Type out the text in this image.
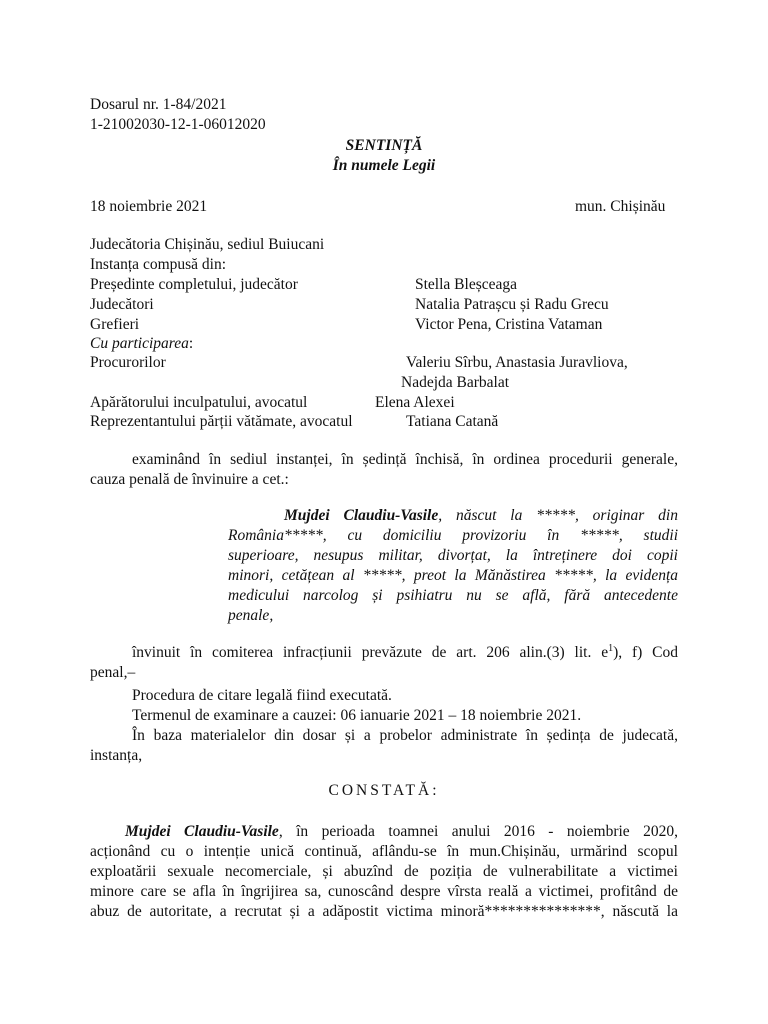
Dosarul nr. 1-84/2021
1-21002030-12-1-06012020
SENTINȚĂ
În numele Legii
18 noiembrie 2021	mun. Chișinău
Judecătoria Chișinău, sediul Buiucani
Instanța compusă din:
Președinte completului, judecător	Stella Bleșceaga
Judecători	Natalia Patrașcu și Radu Grecu
Grefieri	Victor Pena, Cristina Vataman
Cu participarea:
Procurorilor	Valeriu Sîrbu, Anastasia Juravliova,
Nadejda Barbalat
Apărătorului inculpatului, avocatul	Elena Alexei
Reprezentantului părții vătămate, avocatul	Tatiana Catană
examinând în sediul instanței, în ședință închisă, în ordinea procedurii generale,
cauza penală de învinuire a cet.:
Mujdei Claudiu-Vasile, născut la *****, originar din
România*****, cu domiciliu provizoriu în *****, studii
superioare, nesupus militar, divorțat, la întreținere doi copii
minori, cetățean al *****, preot la Mănăstirea *****, la evidența
medicului narcolog și psihiatru nu se află, fără antecedente
penale,
învinuit în comiterea infracțiunii prevăzute de art. 206 alin.(3) lit. $e^1$), f) Cod
penal,–
Procedura de citare legală fiind executată.
Termenul de examinare a cauzei: 06 ianuarie 2021 – 18 noiembrie 2021.
În baza materialelor din dosar și a probelor administrate în ședința de judecată,
instanța,
CONSTATĂ:
Mujdei Claudiu-Vasile, în perioada toamnei anului 2016 - noiembrie 2020,
acționând cu o intenție unică continuă, aflându-se în mun.Chișinău, urmărind scopul
exploatării sexuale necomerciale, și abuzînd de poziția de vulnerabilitate a victimei
minore care se afla în îngrijirea sa, cunoscând despre vîrsta reală a victimei, profitând de
abuz de autoritate, a recrutat și a adăpostit victima minoră***************, născută la
